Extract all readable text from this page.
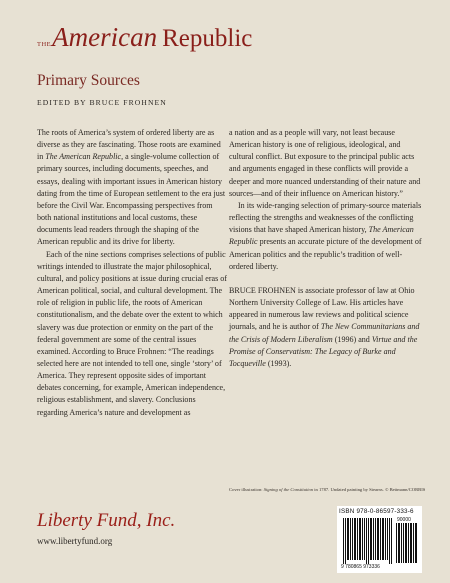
THE American Republic
Primary Sources
EDITED BY BRUCE FROHNEN

The roots of America’s system of ordered liberty are as diverse as they are fascinating. Those roots are examined in The American Republic, a single-volume collection of primary sources, including documents, speeches, and essays, dealing with important issues in American history dating from the time of European settlement to the era just before the Civil War. Encompassing perspectives from both national institutions and local customs, these documents lead readers through the shaping of the American republic and its drive for liberty.

Each of the nine sections comprises selections of public writings intended to illustrate the major philosophical, cultural, and policy positions at issue during crucial eras of American political, social, and cultural development. The role of religion in public life, the roots of American constitutionalism, and the debate over the extent to which slavery was due protection or enmity on the part of the federal government are some of the central issues examined. According to Bruce Frohnen: “The readings selected here are not intended to tell one, single ‘story’ of America. They represent opposite sides of important debates concerning, for example, American independence, religious establishment, and slavery. Conclusions regarding America’s nature and development as

a nation and as a people will vary, not least because American history is one of religious, ideological, and cultural conflict. But exposure to the principal public acts and arguments engaged in these conflicts will provide a deeper and more nuanced understanding of their nature and sources—and of their influence on American history.”

In its wide-ranging selection of primary-source materials reflecting the strengths and weaknesses of the conflicting visions that have shaped American history, The American Republic presents an accurate picture of the development of American politics and the republic’s tradition of well-ordered liberty.

BRUCE FROHNEN is associate professor of law at Ohio Northern University College of Law. His articles have appeared in numerous law reviews and political science journals, and he is author of The New Communitarians and the Crisis of Modern Liberalism (1996) and Virtue and the Promise of Conservatism: The Legacy of Burke and Tocqueville (1993).

Cover illustration: Signing of the Constitution in 1787. Undated painting by Stearns. © Bettmann/CORBIS
Liberty Fund, Inc.
www.libertyfund.org
ISBN 978-0-86597-333-6
9 780865 973336
90000
